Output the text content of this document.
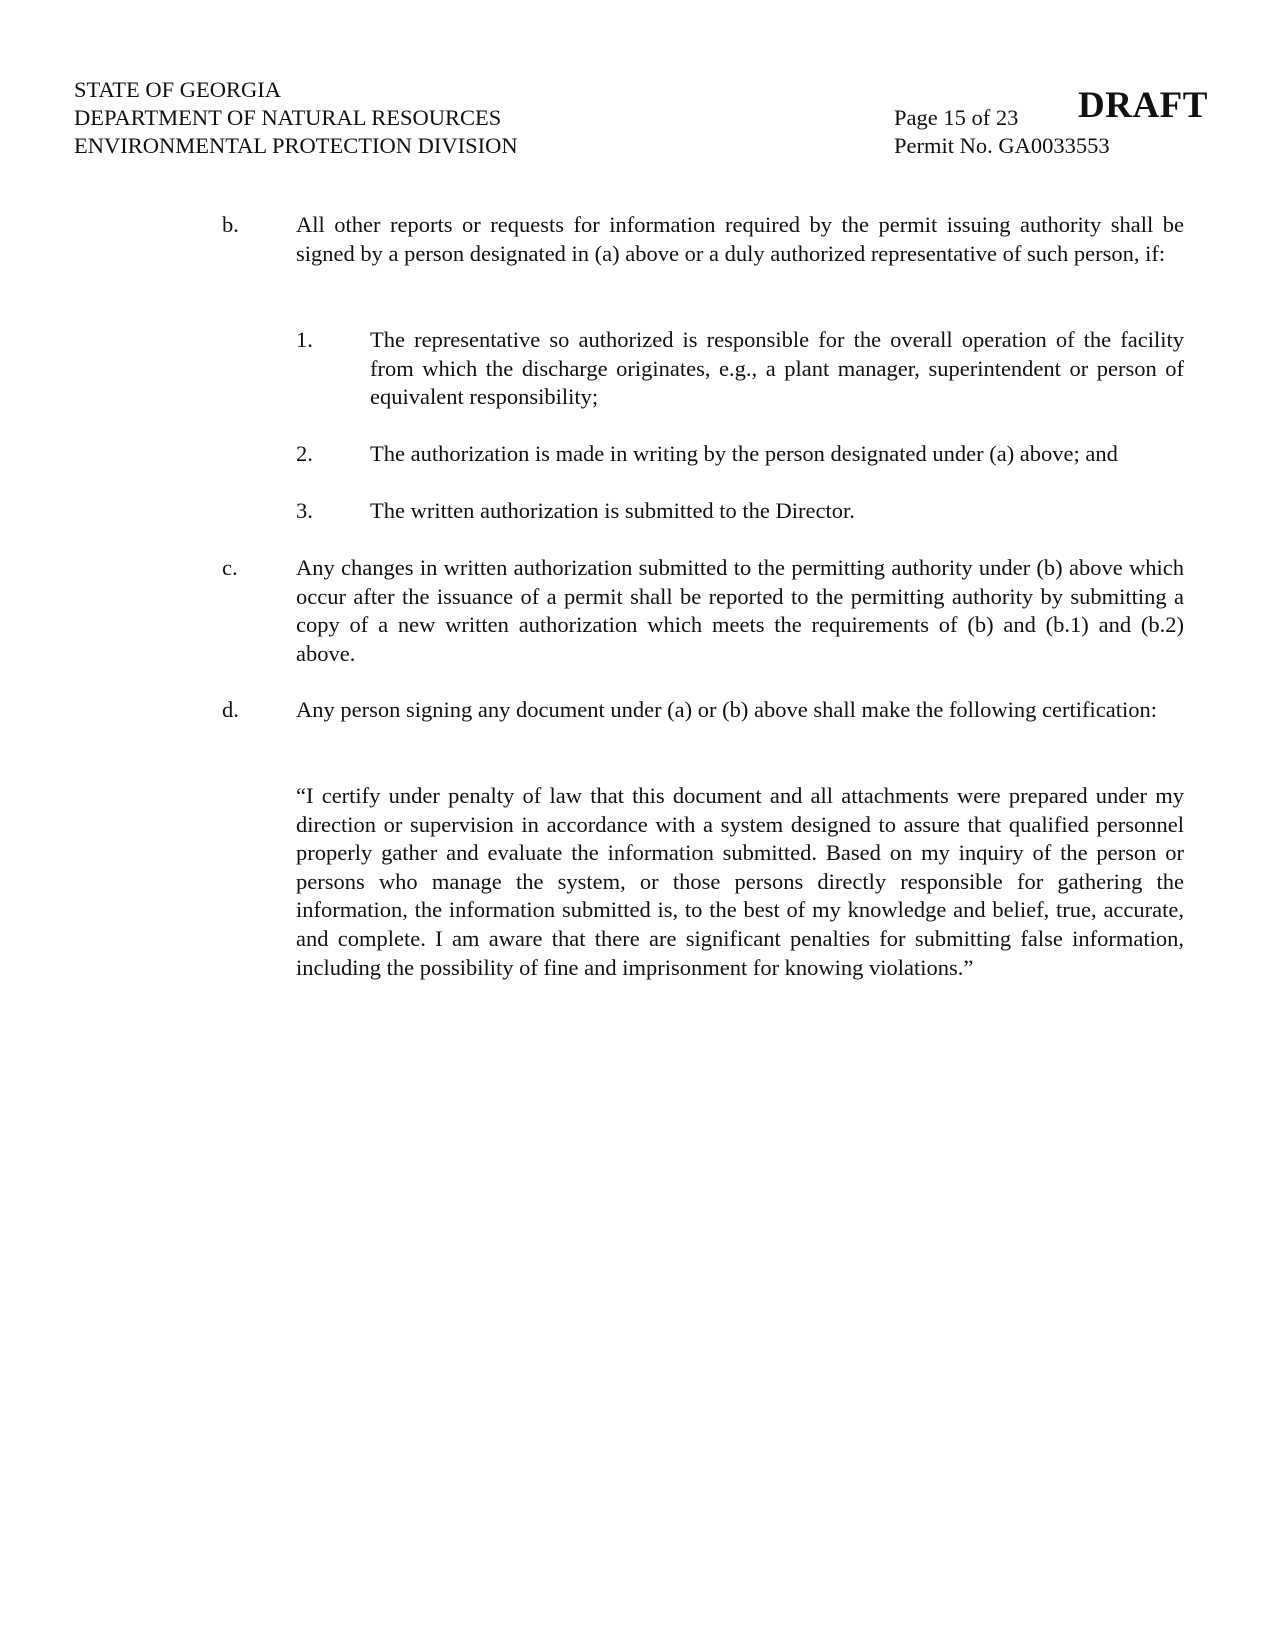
STATE OF GEORGIA
DEPARTMENT OF NATURAL RESOURCES
ENVIRONMENTAL PROTECTION DIVISION
Page 15 of 23
Permit No. GA0033553
DRAFT
b.	All other reports or requests for information required by the permit issuing authority shall be signed by a person designated in (a) above or a duly authorized representative of such person, if:
1.	The representative so authorized is responsible for the overall operation of the facility from which the discharge originates, e.g., a plant manager, superintendent or person of equivalent responsibility;
2.	The authorization is made in writing by the person designated under (a) above; and
3.	The written authorization is submitted to the Director.
c.	Any changes in written authorization submitted to the permitting authority under (b) above which occur after the issuance of a permit shall be reported to the permitting authority by submitting a copy of a new written authorization which meets the requirements of (b) and (b.1) and (b.2) above.
d.	Any person signing any document under (a) or (b) above shall make the following certification:
“I certify under penalty of law that this document and all attachments were prepared under my direction or supervision in accordance with a system designed to assure that qualified personnel properly gather and evaluate the information submitted. Based on my inquiry of the person or persons who manage the system, or those persons directly responsible for gathering the information, the information submitted is, to the best of my knowledge and belief, true, accurate, and complete. I am aware that there are significant penalties for submitting false information, including the possibility of fine and imprisonment for knowing violations.”
